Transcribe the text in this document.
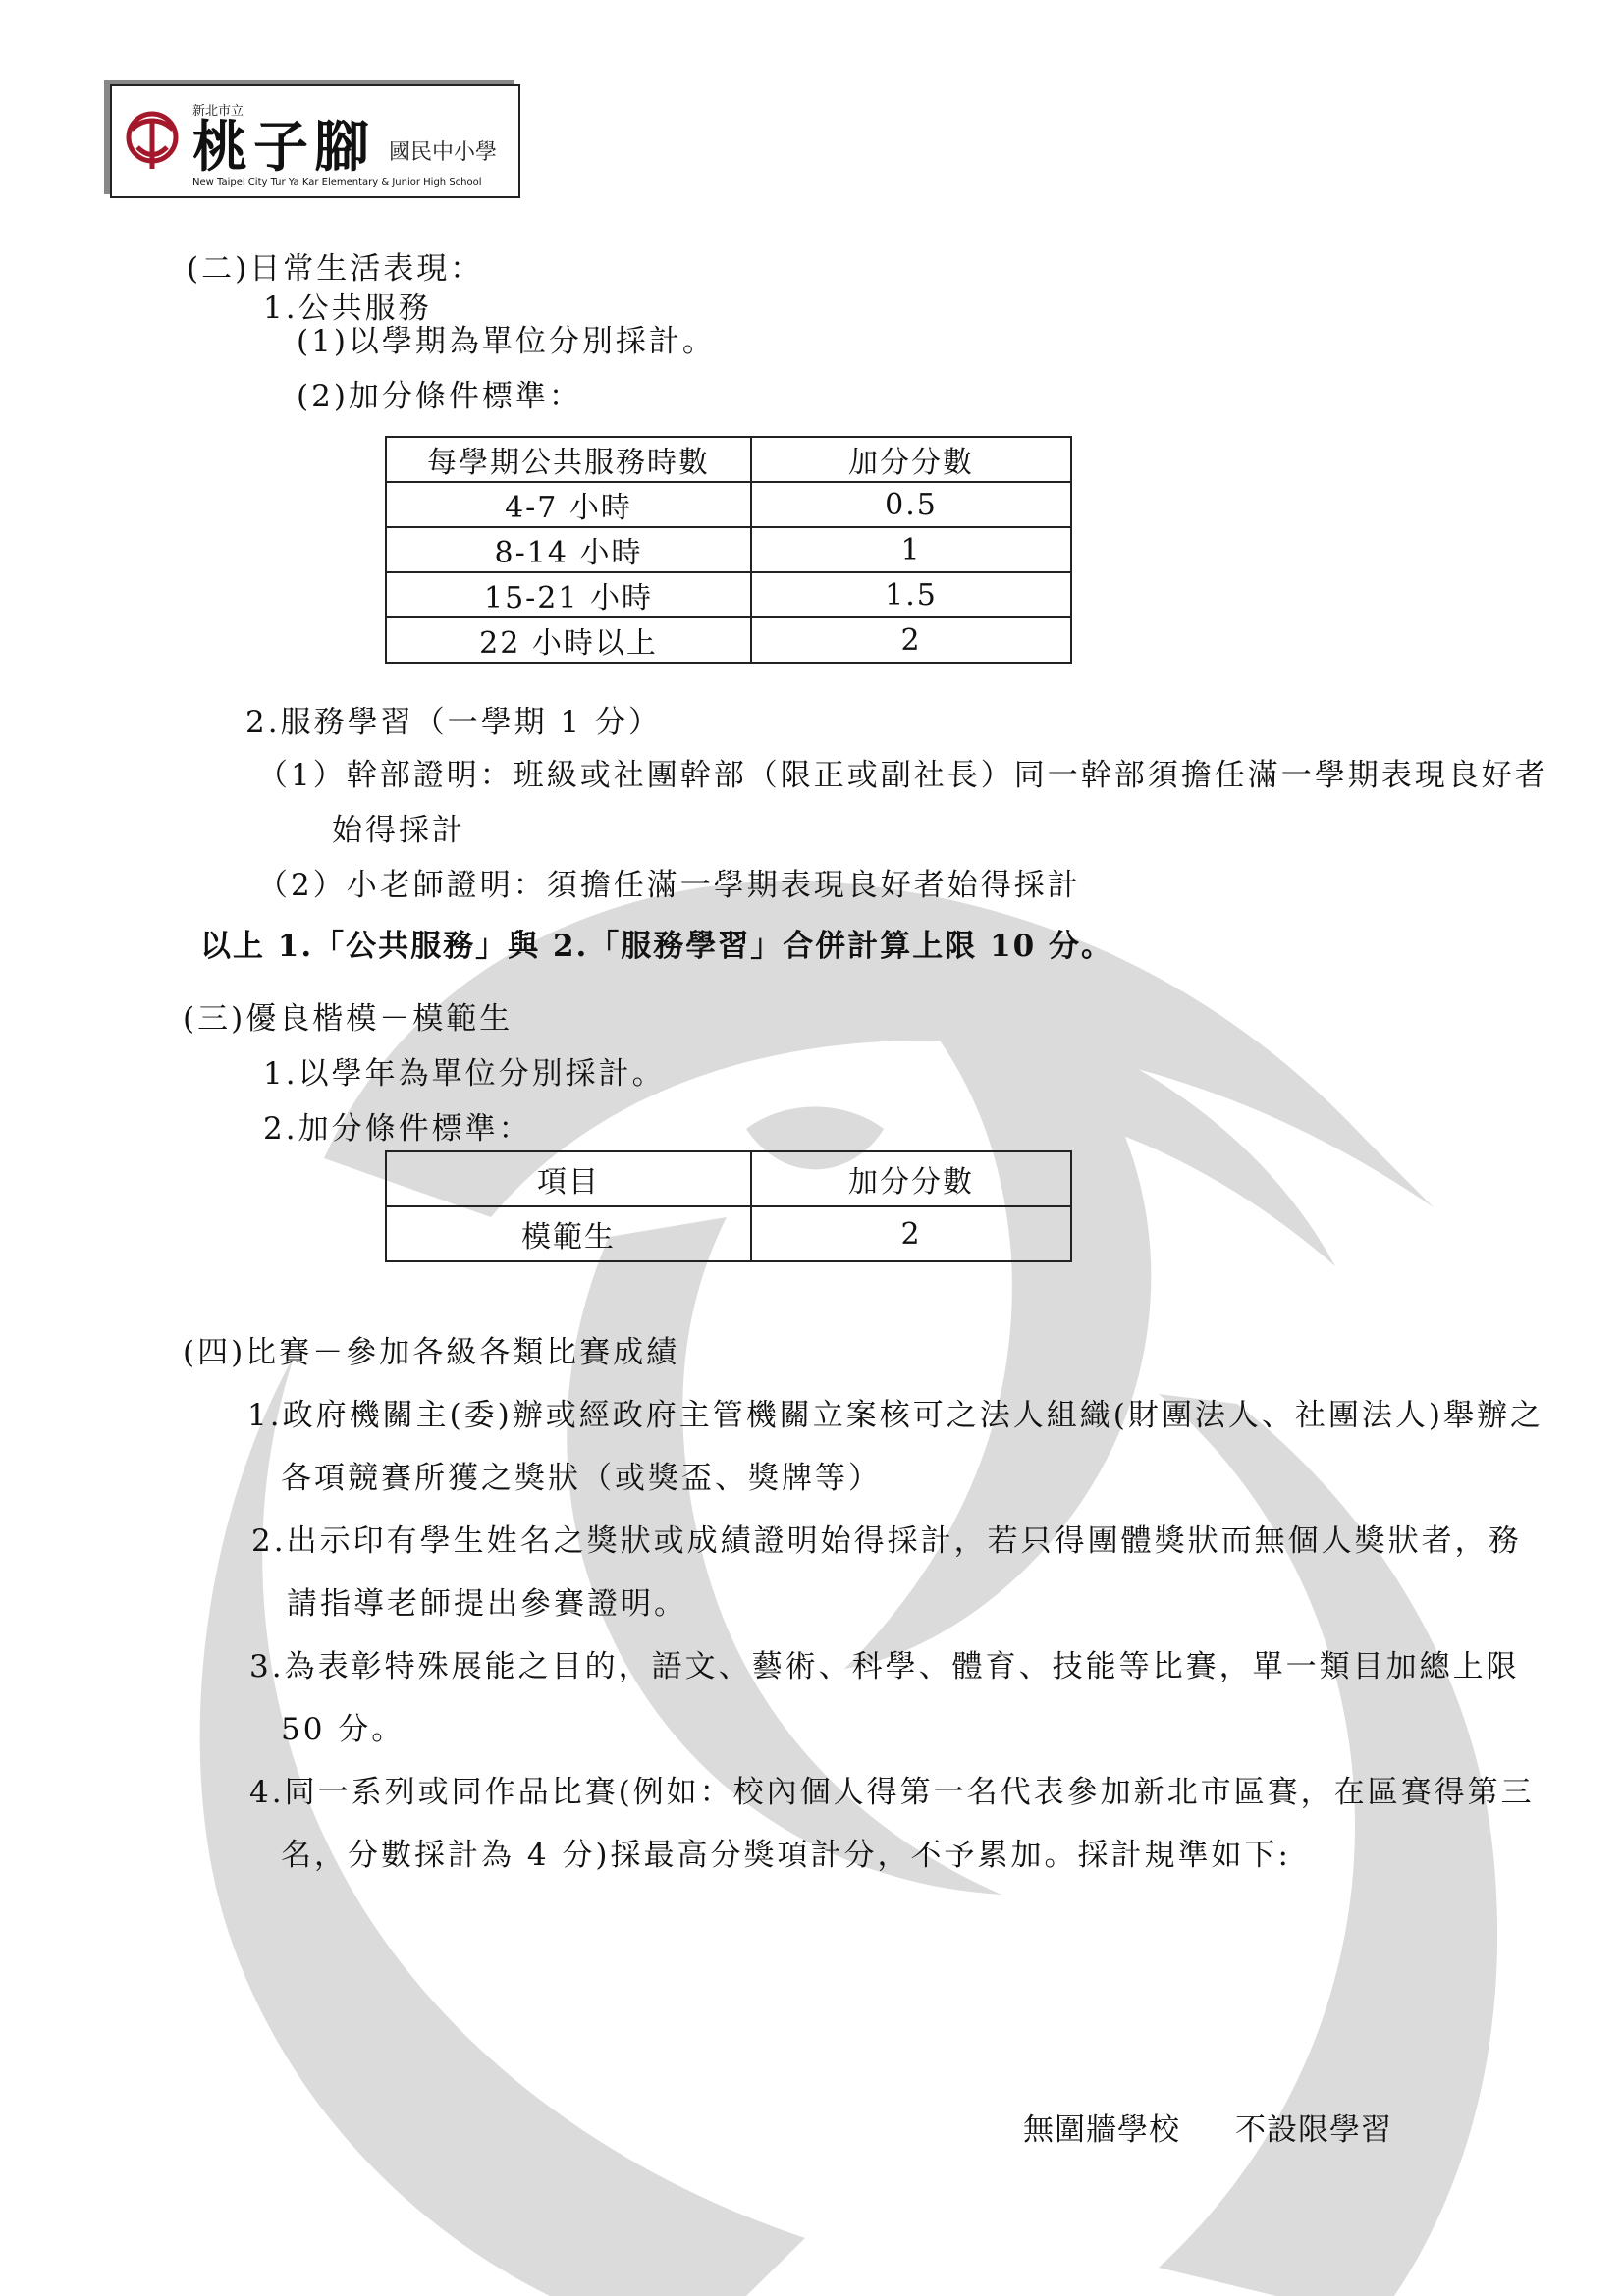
新北市立
桃子腳 國民中小學
New Taipei City Tur Ya Kar Elementary & Junior High School
(二)日常生活表現：
1.公共服務
(1)以學期為單位分別採計。
(2)加分條件標準：
每學期公共服務時數	加分分數
4-7 小時	0.5
8-14 小時	1
15-21 小時	1.5
22 小時以上	2
2.服務學習（一學期 1 分）
（1）幹部證明：班級或社團幹部（限正或副社長）同一幹部須擔任滿一學期表現良好者
始得採計
（2）小老師證明：須擔任滿一學期表現良好者始得採計
以上 1.「公共服務」與 2.「服務學習」合併計算上限 10 分。
(三)優良楷模－模範生
1.以學年為單位分別採計。
2.加分條件標準：
項目	加分分數
模範生	2
(四)比賽－參加各級各類比賽成績
1.政府機關主(委)辦或經政府主管機關立案核可之法人組織(財團法人、社團法人)舉辦之
各項競賽所獲之獎狀（或獎盃、獎牌等）
2.出示印有學生姓名之獎狀或成績證明始得採計，若只得團體獎狀而無個人獎狀者，務
請指導老師提出參賽證明。
3.為表彰特殊展能之目的，語文、藝術、科學、體育、技能等比賽，單一類目加總上限
50 分。
4.同一系列或同作品比賽(例如：校內個人得第一名代表參加新北市區賽，在區賽得第三
名，分數採計為 4 分)採最高分獎項計分，不予累加。採計規準如下:
無圍牆學校 不設限學習
